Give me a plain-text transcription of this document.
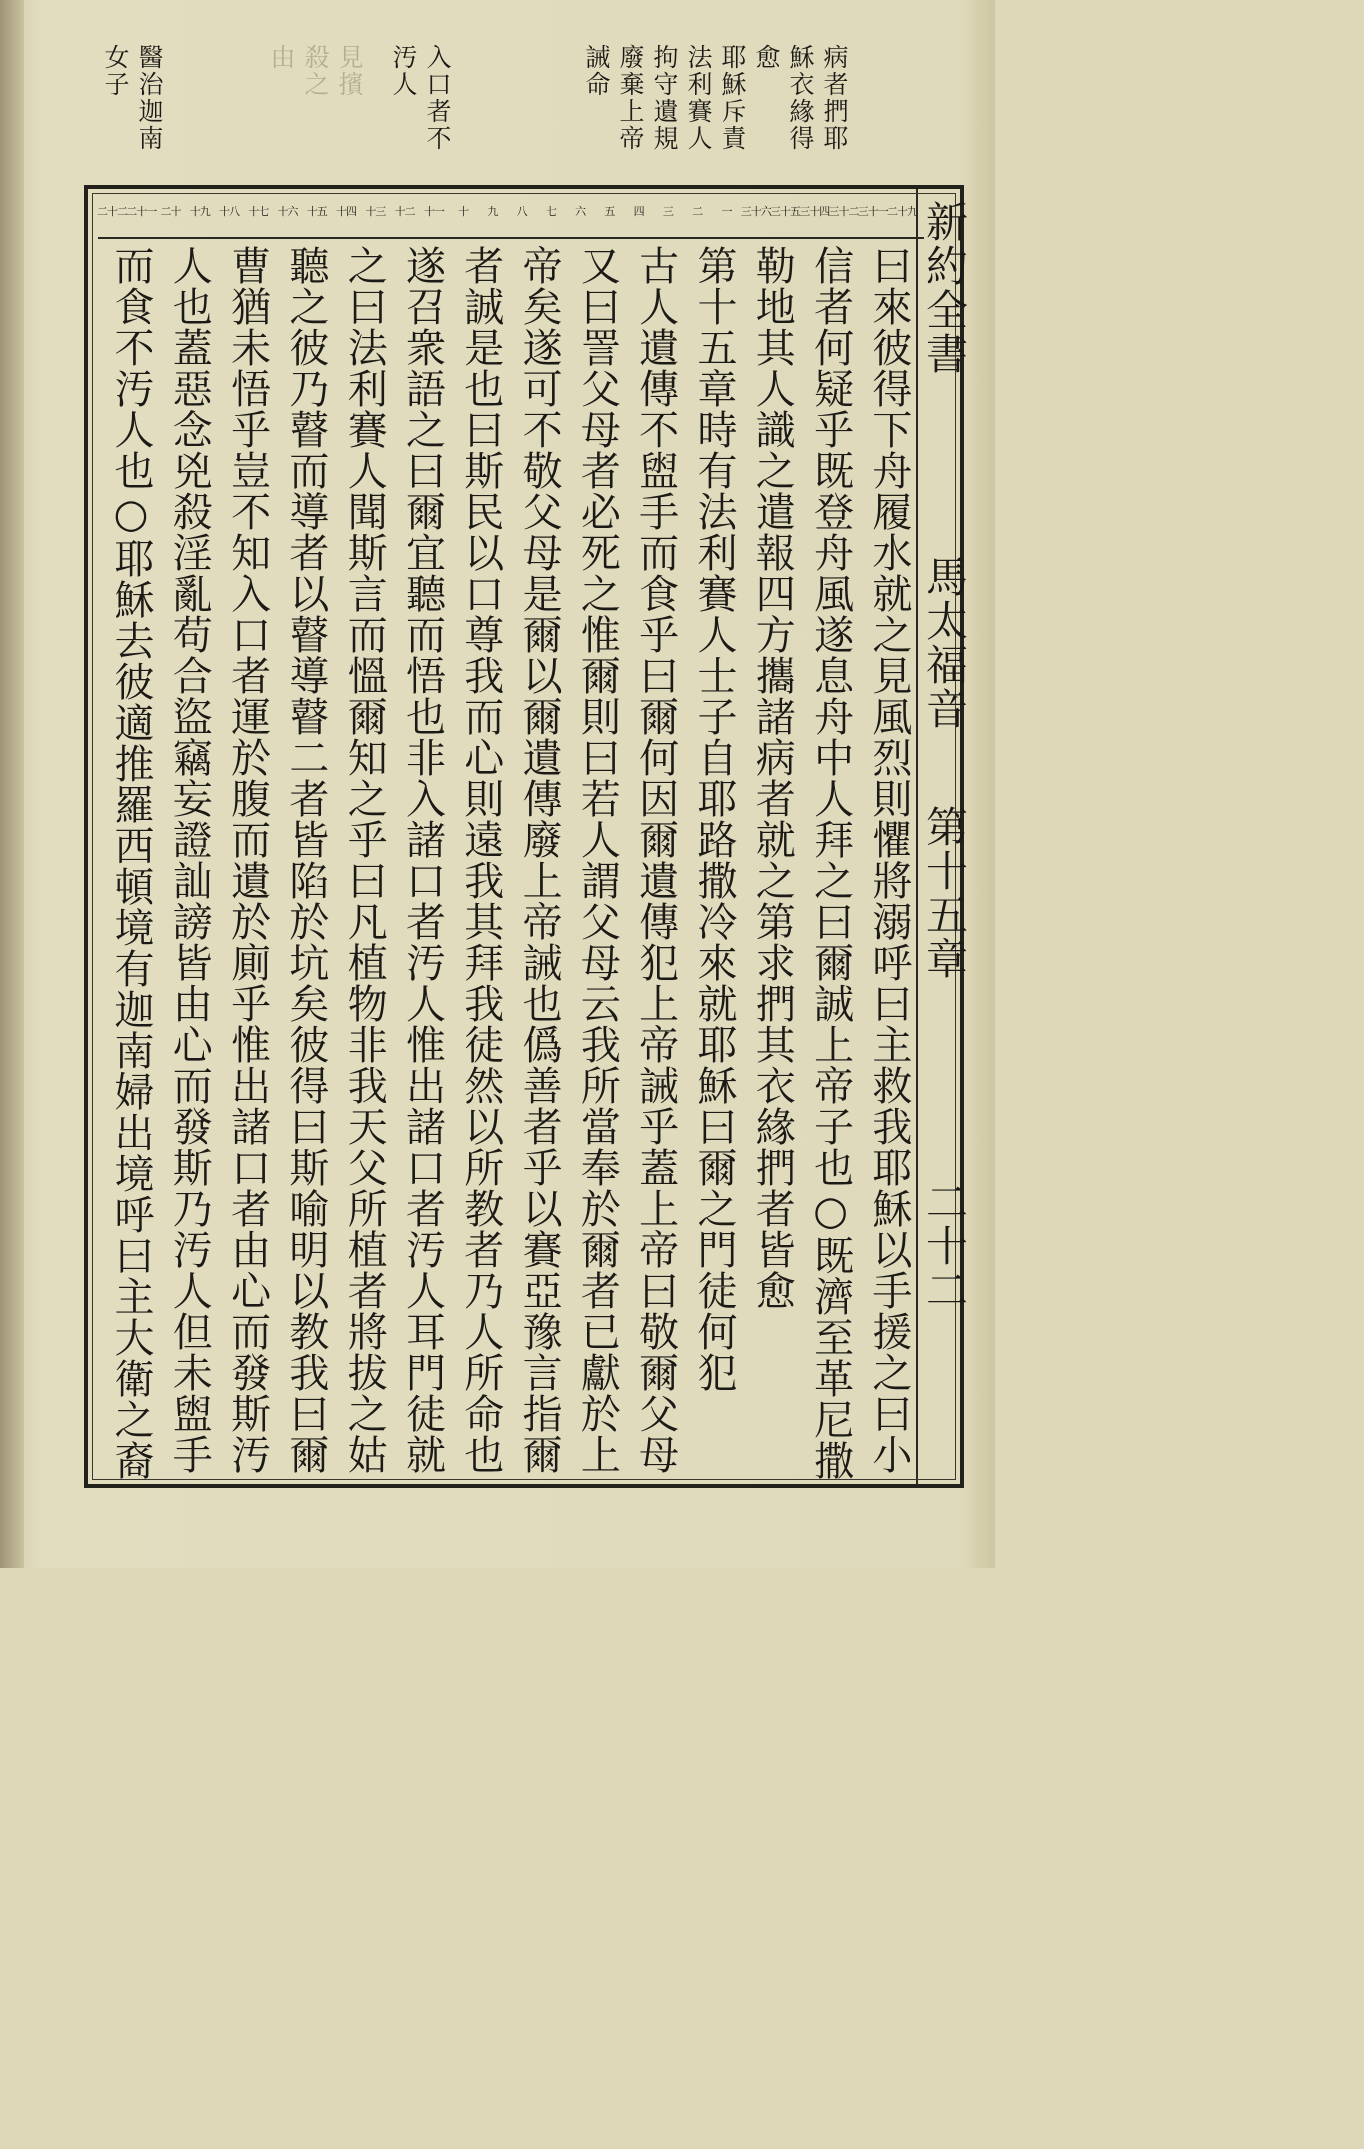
病者捫耶
穌衣緣得
愈
耶穌斥責
法利賽人
拘守遺規
廢棄上帝
誡命
入口者不
汚人
見擯
殺之
由
醫治迦南
女子
二十九
三十一
三十二
三十四
三十五
三十六
一
二
三
四
五
六
七
八
九
十
十一
十二
十三
十四
十五
十六
十七
十八
十九
二十
二十一
二十二
曰來彼得下舟履水就之見風烈則懼將溺呼曰主救我耶穌以手援之曰小
信者何疑乎既登舟風遂息舟中人拜之曰爾誠上帝子也○既濟至革尼撒
勒地其人識之遣報四方攜諸病者就之第求捫其衣緣捫者皆愈
第十五章時有法利賽人士子自耶路撒冷來就耶穌曰爾之門徒何犯
古人遺傳不盥手而食乎曰爾何因爾遺傳犯上帝誡乎蓋上帝曰敬爾父母
又曰詈父母者必死之惟爾則曰若人謂父母云我所當奉於爾者已獻於上
帝矣遂可不敬父母是爾以爾遺傳廢上帝誡也僞善者乎以賽亞豫言指爾
者誠是也曰斯民以口尊我而心則遠我其拜我徒然以所教者乃人所命也
遂召衆語之曰爾宜聽而悟也非入諸口者汚人惟出諸口者汚人耳門徒就
之曰法利賽人聞斯言而慍爾知之乎曰凡植物非我天父所植者將拔之姑
聽之彼乃瞽而導者以瞽導瞽二者皆陷於坑矣彼得曰斯喻明以教我曰爾
曹猶未悟乎豈不知入口者運於腹而遺於廁乎惟出諸口者由心而發斯汚
人也蓋惡念兇殺淫亂苟合盜竊妄證訕謗皆由心而發斯乃汚人但未盥手
而食不汚人也○耶穌去彼適推羅西頓境有迦南婦出境呼曰主大衛之裔	新約全書
馬太福音
第十五章
二十二
